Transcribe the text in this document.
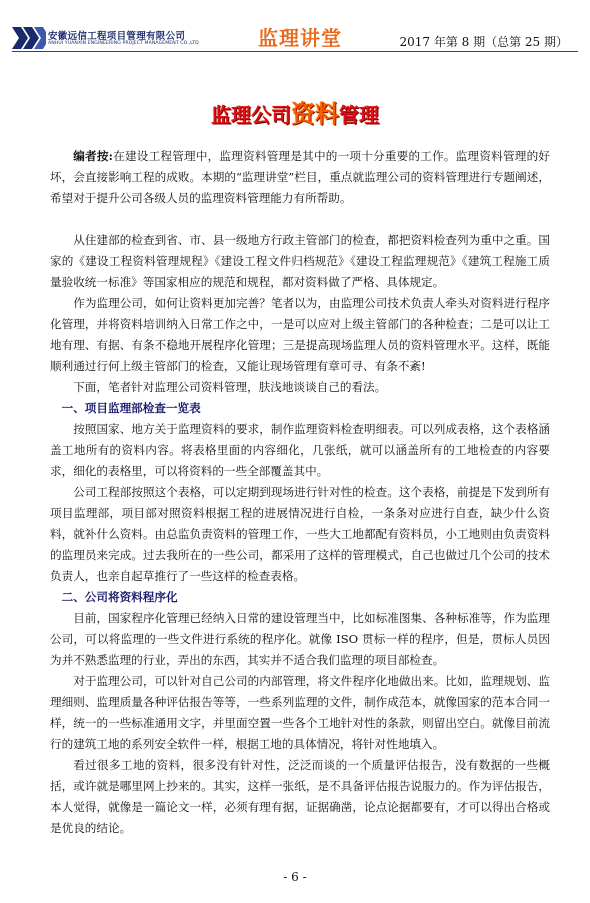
安徽远信工程项目管理有限公司
ANHUI YUANXIN ENGINEERING PROJECT MANAGEMENT CO.,LTD	监理讲堂	2017 年第 8 期（总第 25 期）
监理公司资料管理

编者按:在建设工程管理中，监理资料管理是其中的一项十分重要的工作。监理资料管理的好坏，会直接影响工程的成败。本期的“监理讲堂”栏目，重点就监理公司的资料管理进行专题阐述，希望对于提升公司各级人员的监理资料管理能力有所帮助。

从住建部的检查到省、市、县一级地方行政主管部门的检查，都把资料检查列为重中之重。国家的《建设工程资料管理规程》《建设工程文件归档规范》《建设工程监理规范》《建筑工程施工质量验收统一标准》等国家相应的规范和规程，都对资料做了严格、具体规定。

作为监理公司，如何让资料更加完善？笔者以为，由监理公司技术负责人牵头对资料进行程序化管理，并将资料培训纳入日常工作之中，一是可以应对上级主管部门的各种检查；二是可以让工地有理、有据、有条不稳地开展程序化管理；三是提高现场监理人员的资料管理水平。这样，既能顺利通过行何上级主管部门的检查，又能让现场管理有章可寻、有条不紊!

下面，笔者针对监理公司资料管理，肤浅地谈谈自己的看法。

一、项目监理部检查一览表

按照国家、地方关于监理资料的要求，制作监理资料检查明细表。可以列成表格，这个表格涵盖工地所有的资料内容。将表格里面的内容细化，几张纸，就可以涵盖所有的工地检查的内容要求，细化的表格里，可以将资料的一些全部覆盖其中。

公司工程部按照这个表格，可以定期到现场进行针对性的检查。这个表格，前提是下发到所有项目监理部，项目部对照资料根据工程的进展情况进行自检，一条条对应进行自查，缺少什么资料，就补什么资料。由总监负责资料的管理工作，一些大工地都配有资料员，小工地则由负责资料的监理员来完成。过去我所在的一些公司，都采用了这样的管理模式，自己也做过几个公司的技术负责人，也亲自起草推行了一些这样的检查表格。

二、公司将资料程序化

目前，国家程序化管理已经纳入日常的建设管理当中，比如标准图集、各种标准等，作为监理公司，可以将监理的一些文件进行系统的程序化。就像 ISO 贯标一样的程序，但是，贯标人员因为并不熟悉监理的行业，弄出的东西，其实并不适合我们监理的项目部检查。

对于监理公司，可以针对自己公司的内部管理，将文件程序化地做出来。比如，监理规划、监理细则、监理质量各种评估报告等等，一些系列监理的文件，制作成范本，就像国家的范本合同一样，统一的一些标准通用文字，并里面空置一些各个工地针对性的条款，则留出空白。就像目前流行的建筑工地的系列安全软件一样，根据工地的具体情况，将针对性地填入。

看过很多工地的资料，很多没有针对性，泛泛而谈的一个质量评估报告，没有数据的一些概括，或许就是哪里网上抄来的。其实，这样一张纸，是不具备评估报告说服力的。作为评估报告，本人觉得，就像是一篇论文一样，必须有理有据，证据确凿，论点论据都要有，才可以得出合格或是优良的结论。

- 6 -
